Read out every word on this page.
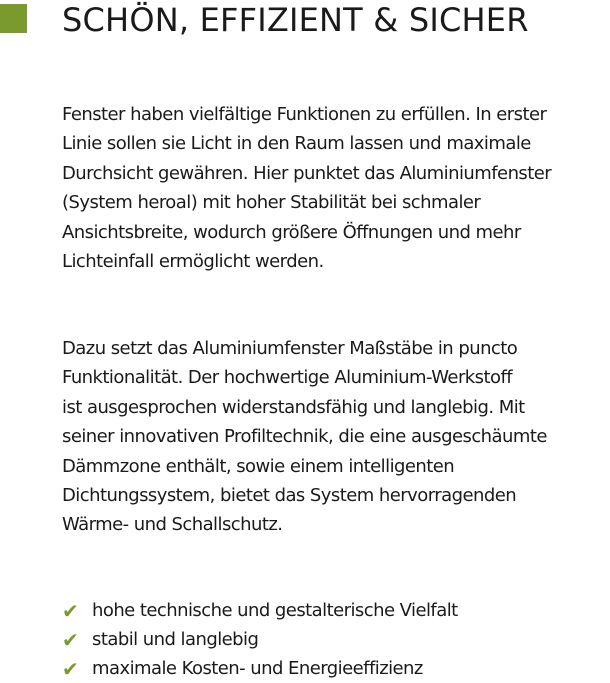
SCHÖN, EFFIZIENT & SICHER

Fenster haben vielfältige Funktionen zu erfüllen. In erster
Linie sollen sie Licht in den Raum lassen und maximale
Durchsicht gewähren. Hier punktet das Aluminiumfenster
(System heroal) mit hoher Stabilität bei schmaler
Ansichtsbreite, wodurch größere Öffnungen und mehr
Lichteinfall ermöglicht werden.

Dazu setzt das Aluminiumfenster Maßstäbe in puncto
Funktionalität. Der hochwertige Aluminium-Werkstoff
ist ausgesprochen widerstandsfähig und langlebig. Mit
seiner innovativen Profiltechnik, die eine ausgeschäumte
Dämmzone enthält, sowie einem intelligenten
Dichtungssystem, bietet das System hervorragenden
Wärme- und Schallschutz.

✔ hohe technische und gestalterische Vielfalt
✔ stabil und langlebig
✔ maximale Kosten- und Energieeffizienz
